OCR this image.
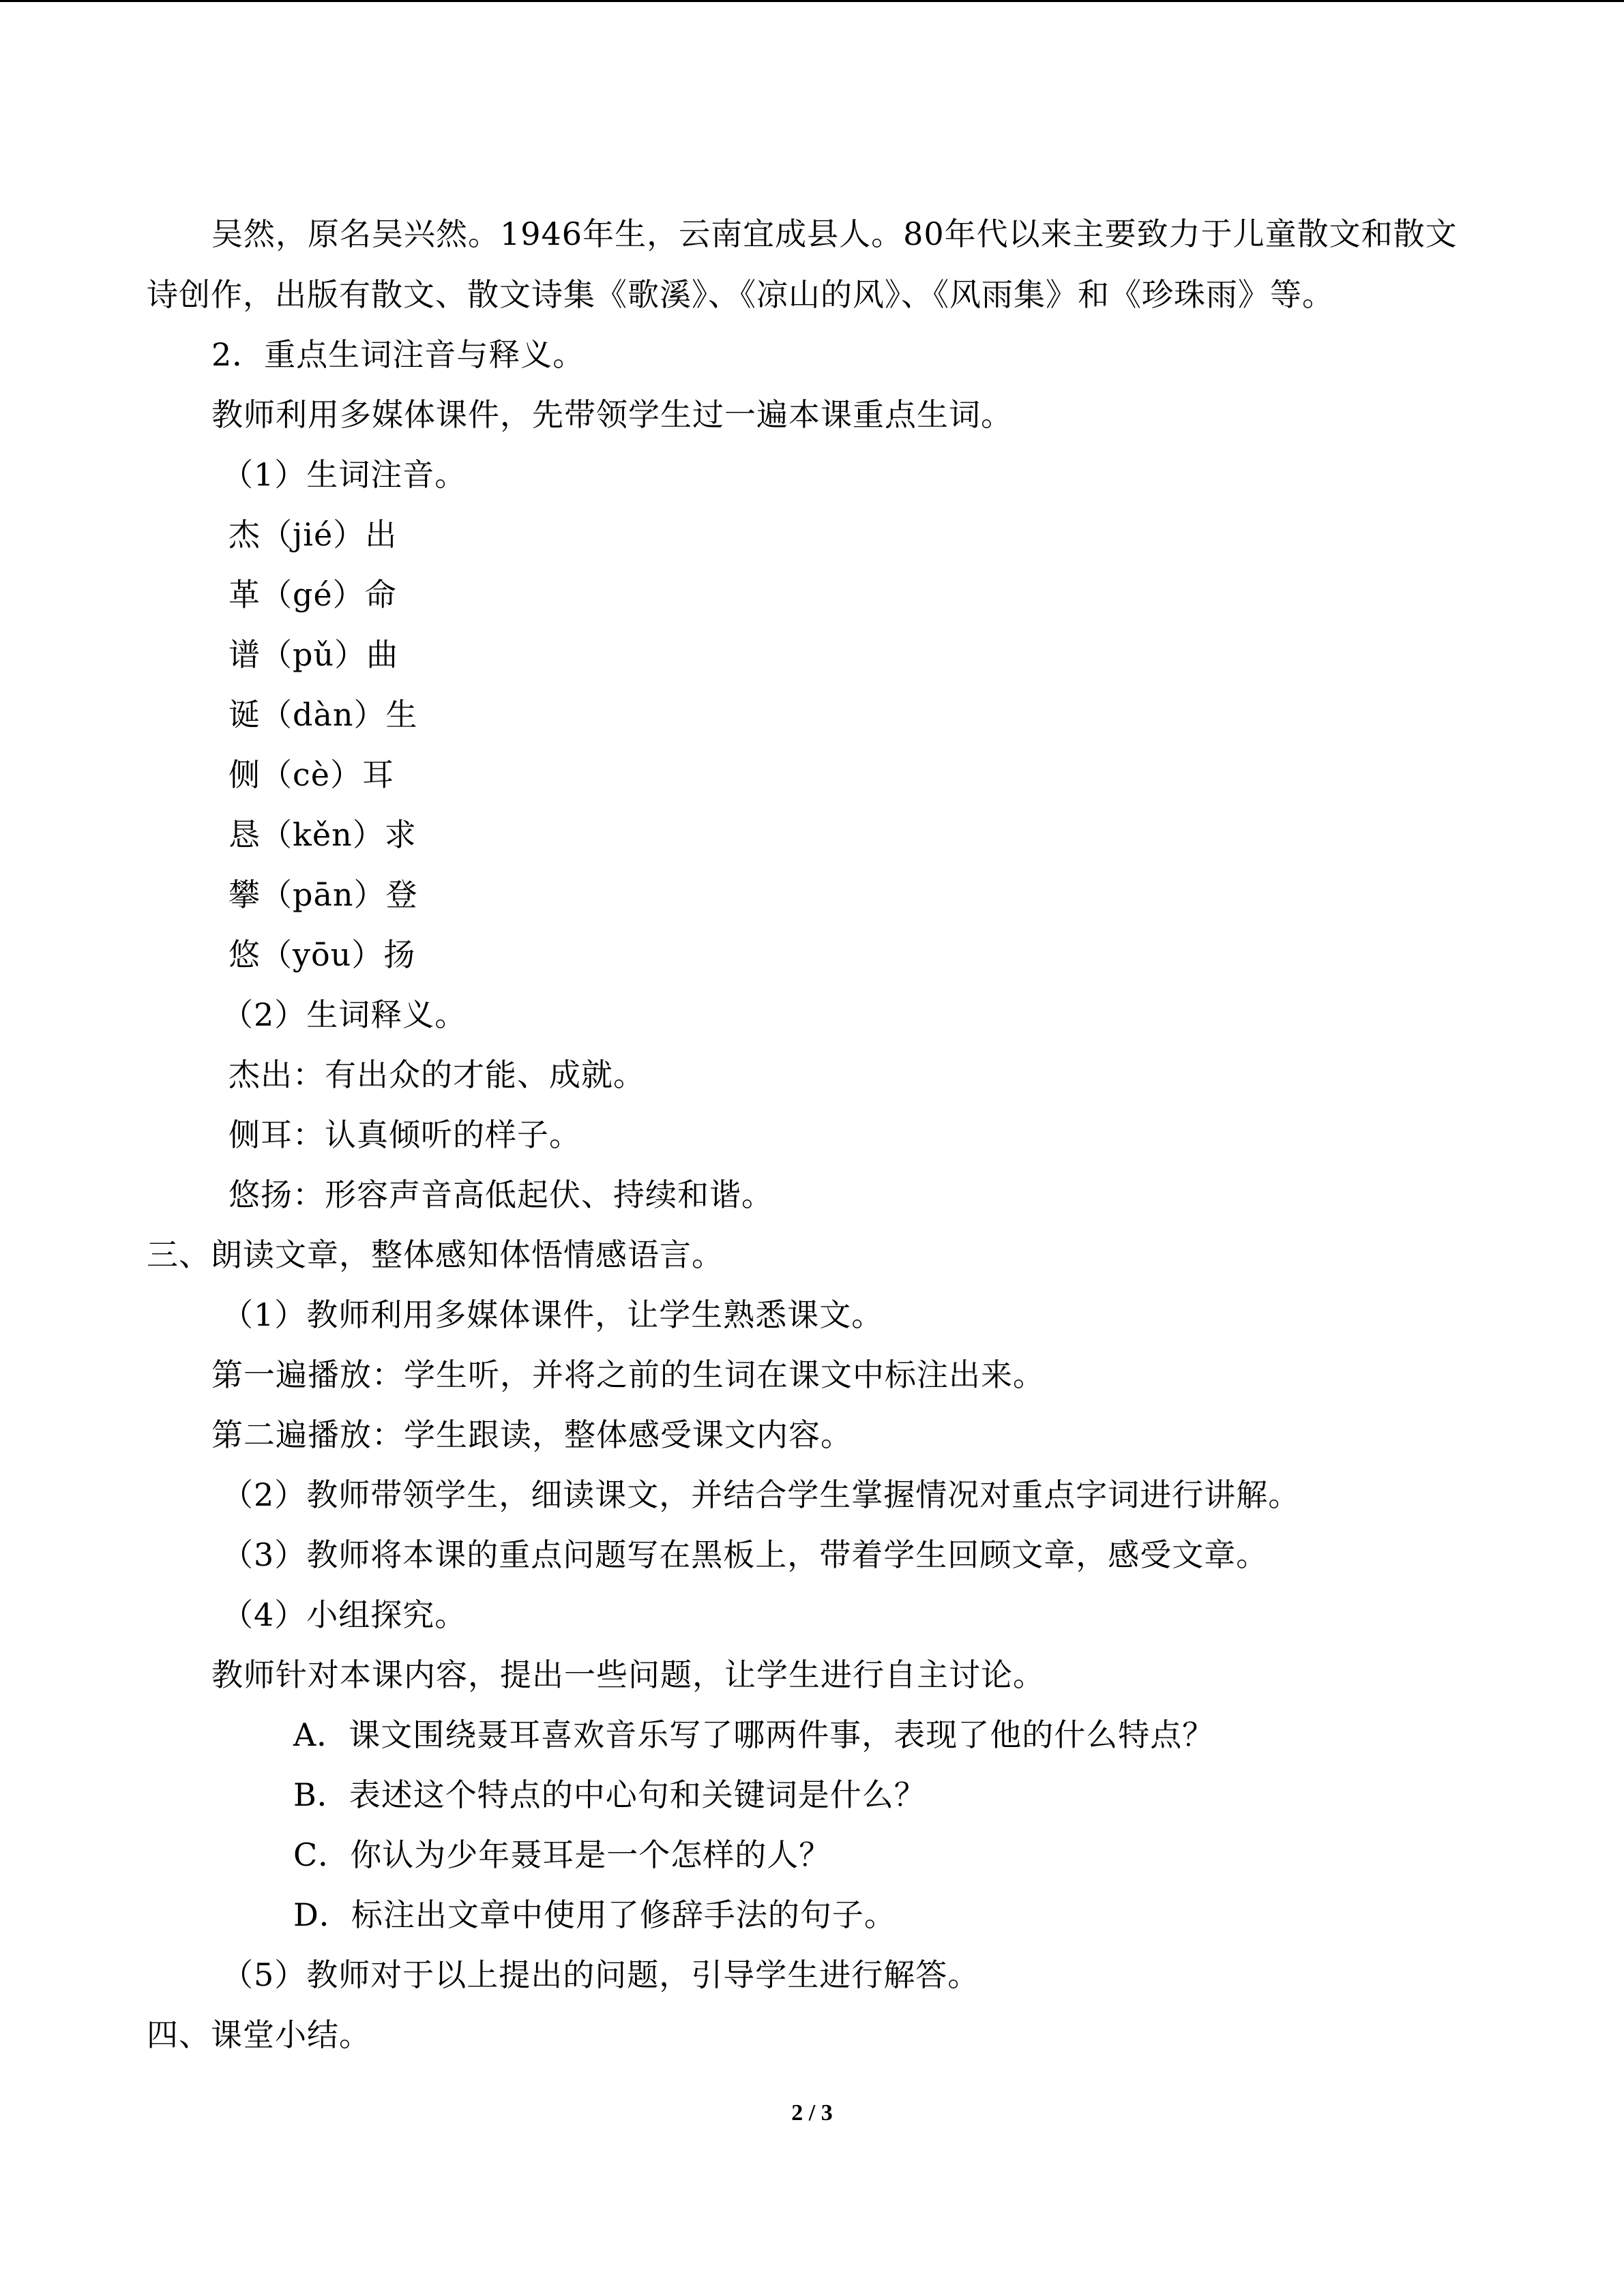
吴然，原名吴兴然。1946年生，云南宜成县人。80年代以来主要致力于儿童散文和散文
诗创作，出版有散文、散文诗集《歌溪》、《凉山的风》、《风雨集》和《珍珠雨》等。
2．重点生词注音与释义。
教师利用多媒体课件，先带领学生过一遍本课重点生词。
（1）生词注音。
杰（jié）出
革（gé）命
谱（pǔ）曲
诞（dàn）生
侧（cè）耳
恳（kěn）求
攀（pān）登
悠（yōu）扬
（2）生词释义。
杰出：有出众的才能、成就。
侧耳：认真倾听的样子。
悠扬：形容声音高低起伏、持续和谐。
三、朗读文章，整体感知体悟情感语言。
（1）教师利用多媒体课件，让学生熟悉课文。
第一遍播放：学生听，并将之前的生词在课文中标注出来。
第二遍播放：学生跟读，整体感受课文内容。
（2）教师带领学生，细读课文，并结合学生掌握情况对重点字词进行讲解。
（3）教师将本课的重点问题写在黑板上，带着学生回顾文章，感受文章。
（4）小组探究。
教师针对本课内容，提出一些问题，让学生进行自主讨论。
A．课文围绕聂耳喜欢音乐写了哪两件事，表现了他的什么特点？
B．表述这个特点的中心句和关键词是什么？
C．你认为少年聂耳是一个怎样的人？
D．标注出文章中使用了修辞手法的句子。
（5）教师对于以上提出的问题，引导学生进行解答。
四、课堂小结。
2 / 3
